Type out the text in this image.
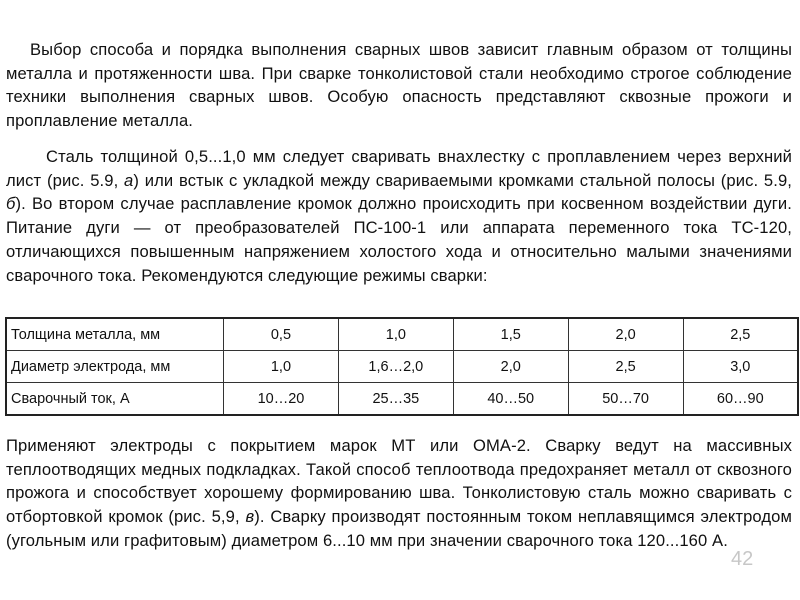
Выбор способа и порядка выполнения сварных швов зависит главным образом от толщины металла и протяженности шва. При сварке тонколистовой стали необходимо строгое соблюдение техники выполнения сварных швов. Особую опасность представляют сквозные прожоги и проплавление металла.

Сталь толщиной 0,5...1,0 мм следует сваривать внахлестку с проплавлением через верхний лист (рис. 5.9, а) или встык с укладкой между свариваемыми кромками стальной полосы (рис. 5.9, б). Во втором случае расплавление кромок должно происходить при косвенном воздействии дуги. Питание дуги — от преобразователей ПС-100-1 или аппарата переменного тока ТС-120, отличающихся повышенным напряжением холостого хода и относительно малыми значениями сварочного тока. Рекомендуются следующие режимы сварки:

Толщина металла, мм	0,5	1,0	1,5	2,0	2,5
Диаметр электрода, мм	1,0	1,6…2,0	2,0	2,5	3,0
Сварочный ток, А	10…20	25…35	40…50	50…70	60…90

Применяют электроды с покрытием марок МТ или ОМА-2. Сварку ведут на массивных теплоотводящих медных подкладках. Такой способ теплоотвода предохраняет металл от сквозного прожога и способствует хорошему формированию шва. Тонколистовую сталь можно сваривать с отбортовкой кромок (рис. 5,9, в). Сварку производят постоянным током неплавящимся электродом (угольным или графитовым) диаметром 6...10 мм при значении сварочного тока 120...160 А.

42
